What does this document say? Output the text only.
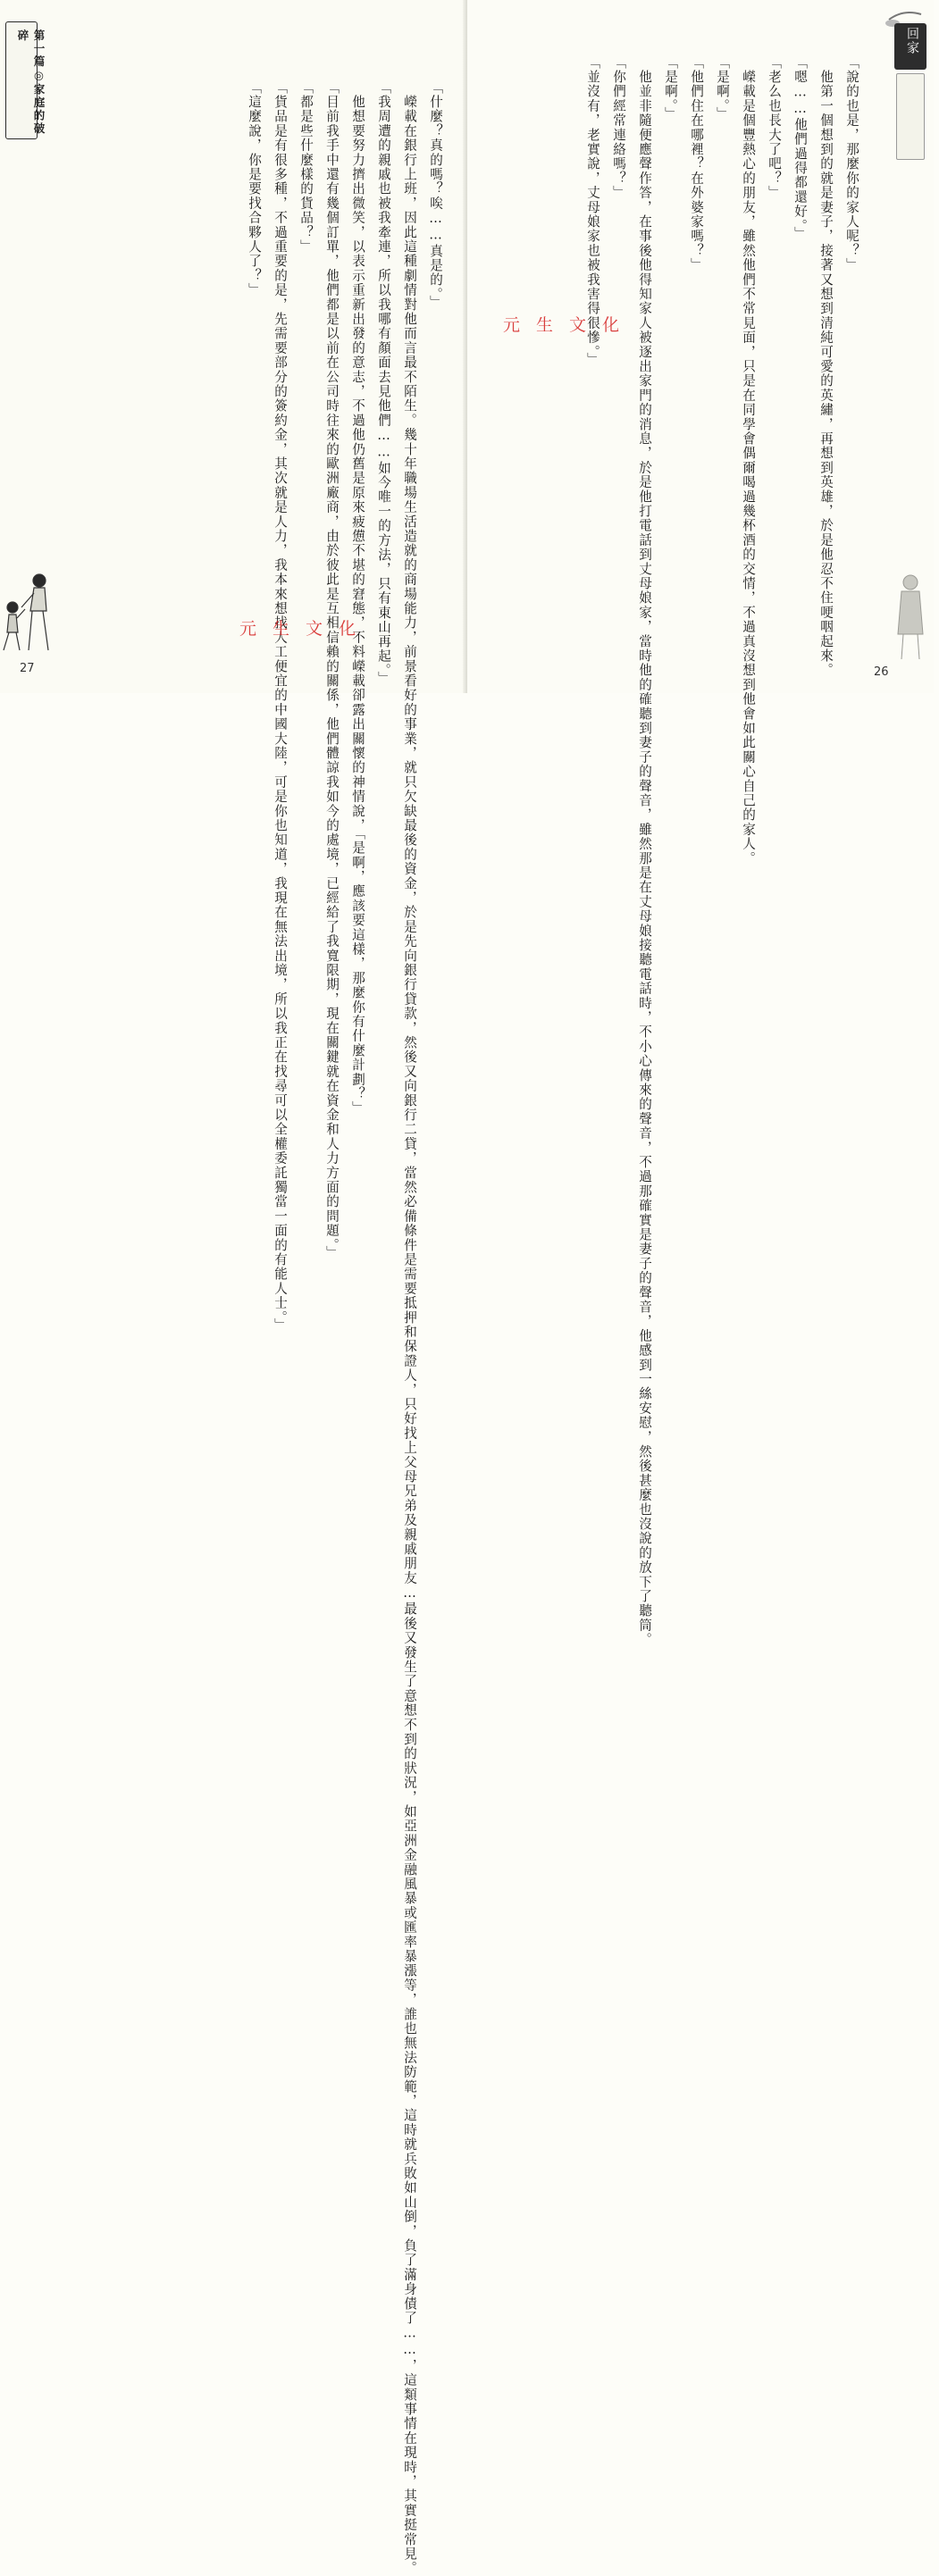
第一篇◎家庭的破碎
「什麼？真的嗎？唉……真是的。」
　嶸載在銀行上班，因此這種劇情對他而言最不陌生。幾十年職場生活造就的商場能力，前景看好的事業，就只欠缺最後的資金，於是先向銀行貸款，然後又向銀行二貸，當然必備條件是需要抵押和保證人，只好找上父母兄弟及親戚朋友…最後又發生了意想不到的狀況，如亞洲金融風暴或匯率暴漲等，誰也無法防範，這時就兵敗如山倒，負了滿身債了……，這類事情在現時，其實挺常見。
「我周遭的親戚也被我牽連，所以我哪有顏面去見他們……如今唯一的方法，只有東山再起。」
　他想要努力擠出微笑，以表示重新出發的意志，不過他仍舊是原來疲憊不堪的窘態，不料嶸載卻露出關懷的神情說，「是啊，應該要這樣，那麼你有什麼計劃？」
「目前我手中還有幾個訂單，他們都是以前在公司時往來的歐洲廠商，由於彼此是互相信賴的關係，他們體諒我如今的處境，已經給了我寬限期，現在關鍵就在資金和人力方面的問題。」
「都是些什麼樣的貨品？」
「貨品是有很多種，不過重要的是，先需要部分的簽約金，其次就是人力，我本來想找人工便宜的中國大陸，可是你也知道，我現在無法出境，所以我正在找尋可以全權委託獨當一面的有能人士。」
「這麼說，你是要找合夥人了？」
元生文化
27
「說的也是，那麼你的家人呢？」
　他第一個想到的就是妻子，接著又想到清純可愛的英繡，再想到英雄，於是他忍不住哽咽起來。
「嗯……他們過得都還好。」
「老么也長大了吧？」
　嶸載是個豐熱心的朋友，雖然他們不常見面，只是在同學會偶爾喝過幾杯酒的交情，不過真沒想到他會如此關心自己的家人。
「是啊。」
「他們住在哪裡？在外婆家嗎？」
「是啊。」
　他並非隨便應聲作答，在事後他得知家人被逐出家門的消息，於是他打電話到丈母娘家，當時他的確聽到妻子的聲音，雖然那是在丈母娘接聽電話時，不小心傳來的聲音，不過那確實是妻子的聲音，他感到一絲安慰，然後甚麼也沒說的放下了聽筒。
「你們經常連絡嗎？」
「並沒有，老實說，丈母娘家也被我害得很慘。」
回家
元生文化
26
